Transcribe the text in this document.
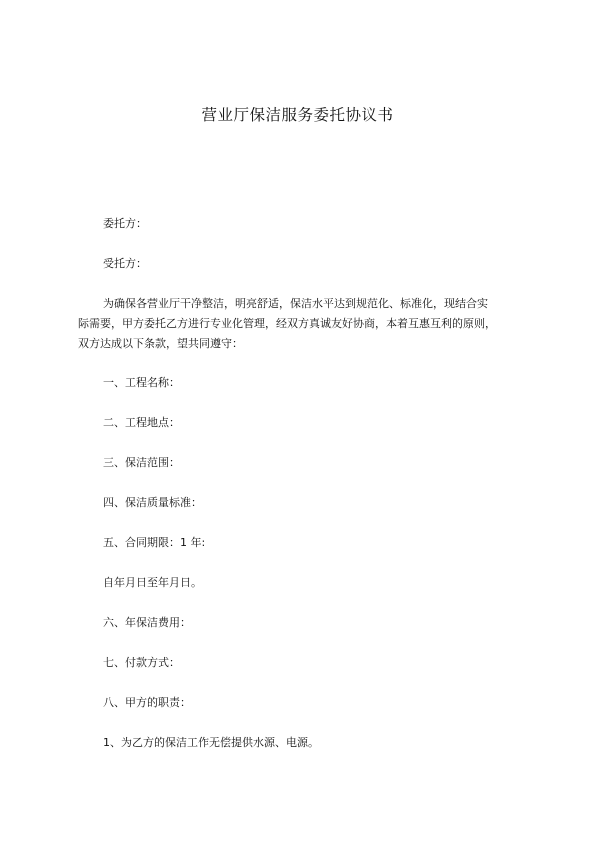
营业厅保洁服务委托协议书
委托方：
受托方：
为确保各营业厅干净整洁，明亮舒适，保洁水平达到规范化、标准化，现结合实
际需要，甲方委托乙方进行专业化管理，经双方真诚友好协商，本着互惠互利的原则，
双方达成以下条款，望共同遵守：
一、工程名称：
二、工程地点：
三、保洁范围：
四、保洁质量标准：
五、合同期限：1 年:
自年月日至年月日。
六、年保洁费用：
七、付款方式：
八、甲方的职责：
1、为乙方的保洁工作无偿提供水源、电源。
